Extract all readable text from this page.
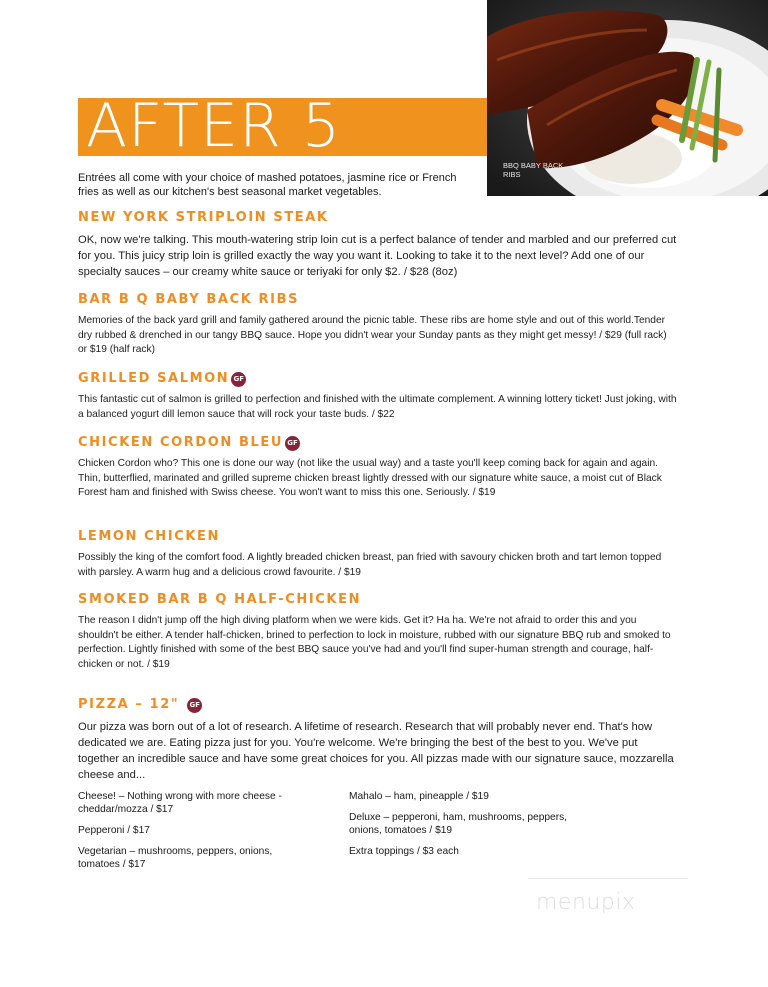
AFTER 5
BBQ BABY BACK RIBS

Entrées all come with your choice of mashed potatoes, jasmine rice or French fries as well as our kitchen's best seasonal market vegetables.

NEW YORK STRIPLOIN STEAK

OK, now we're talking. This mouth-watering strip loin cut is a perfect balance of tender and marbled and our preferred cut for you. This juicy strip loin is grilled exactly the way you want it. Looking to take it to the next level? Add one of our specialty sauces – our creamy white sauce or teriyaki for only $2. / $28 (8oz)

BAR B Q BABY BACK RIBS

Memories of the back yard grill and family gathered around the picnic table. These ribs are home style and out of this world.Tender dry rubbed & drenched in our tangy BBQ sauce. Hope you didn't wear your Sunday pants as they might get messy! / $29 (full rack) or $19 (half rack)

GRILLED SALMON GF

This fantastic cut of salmon is grilled to perfection and finished with the ultimate complement. A winning lottery ticket! Just joking, with a balanced yogurt dill lemon sauce that will rock your taste buds. / $22

CHICKEN CORDON BLEU GF

Chicken Cordon who? This one is done our way (not like the usual way) and a taste you'll keep coming back for again and again. Thin, butterflied, marinated and grilled supreme chicken breast lightly dressed with our signature white sauce, a moist cut of Black Forest ham and finished with Swiss cheese. You won't want to miss this one. Seriously. / $19

LEMON CHICKEN

Possibly the king of the comfort food. A lightly breaded chicken breast, pan fried with savoury chicken broth and tart lemon topped with parsley. A warm hug and a delicious crowd favourite. / $19

SMOKED BAR B Q HALF-CHICKEN

The reason I didn't jump off the high diving platform when we were kids. Get it? Ha ha. We're not afraid to order this and you shouldn't be either. A tender half-chicken, brined to perfection to lock in moisture, rubbed with our signature BBQ rub and smoked to perfection. Lightly finished with some of the best BBQ sauce you've had and you'll find super-human strength and courage, half-chicken or not. / $19

PIZZA – 12"	GF

Our pizza was born out of a lot of research. A lifetime of research. Research that will probably never end. That's how dedicated we are. Eating pizza just for you. You're welcome. We're bringing the best of the best to you. We've put together an incredible sauce and have some great choices for you. All pizzas made with our signature sauce, mozzarella cheese and...

Cheese! – Nothing wrong with more cheese - cheddar/mozza / $17

Pepperoni / $17

Vegetarian – mushrooms, peppers, onions, tomatoes / $17

Mahalo – ham, pineapple / $19

Deluxe – pepperoni, ham, mushrooms, peppers, onions, tomatoes / $19

Extra toppings / $3 each

menupix
